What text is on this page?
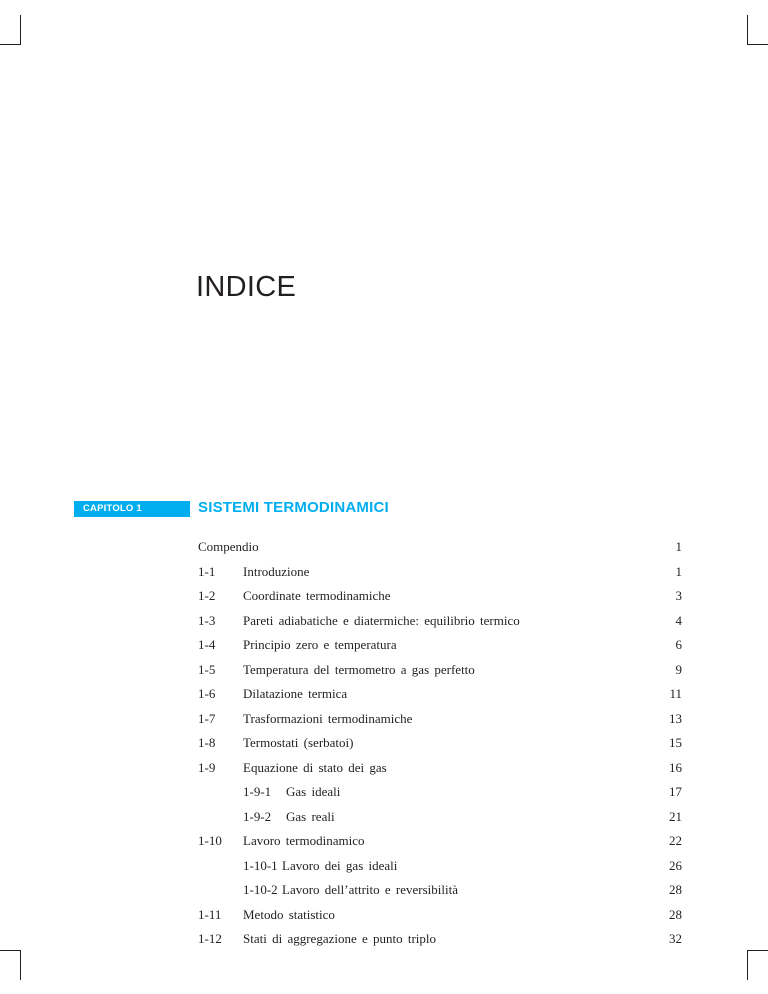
INDICE
CAPITOLO 1	SISTEMI TERMODINAMICI
Compendio	1
1-1 Introduzione	1
1-2 Coordinate termodinamiche	3
1-3 Pareti adiabatiche e diatermiche: equilibrio termico	4
1-4 Principio zero e temperatura	6
1-5 Temperatura del termometro a gas perfetto	9
1-6 Dilatazione termica	11
1-7 Trasformazioni termodinamiche	13
1-8 Termostati (serbatoi)	15
1-9 Equazione di stato dei gas	16
1-9-1 Gas ideali	17
1-9-2 Gas reali	21
1-10 Lavoro termodinamico	22
1-10-1 Lavoro dei gas ideali	26
1-10-2 Lavoro dell’attrito e reversibilità	28
1-11 Metodo statistico	28
1-12 Stati di aggregazione e punto triplo	32
